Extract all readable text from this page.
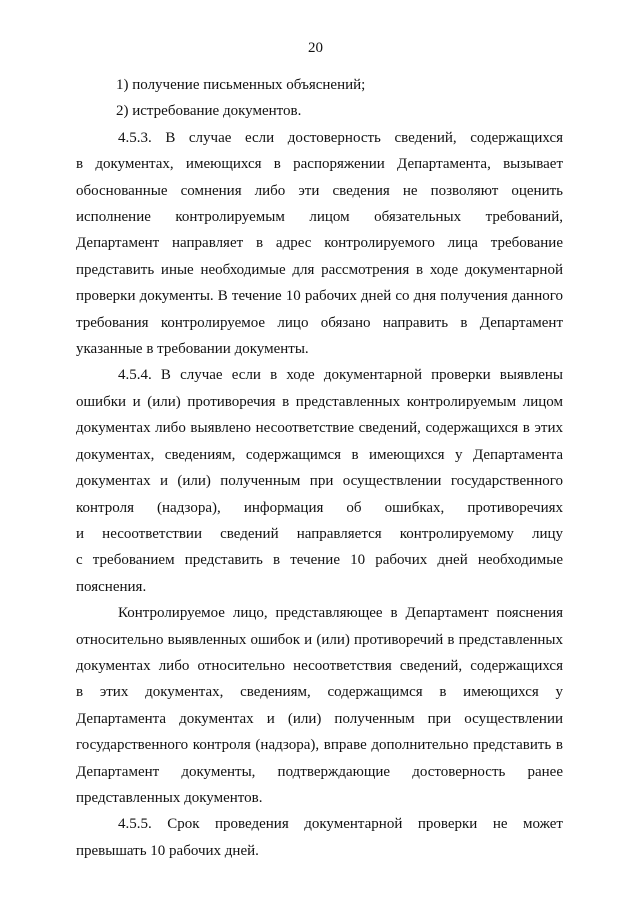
20
1) получение письменных объяснений;
2) истребование документов.
4.5.3. В случае если достоверность сведений, содержащихся
в документах, имеющихся в распоряжении Департамента, вызывает
обоснованные сомнения либо эти сведения не позволяют оценить
исполнение контролируемым лицом обязательных требований,
Департамент направляет в адрес контролируемого лица требование
представить иные необходимые для рассмотрения в ходе документарной
проверки документы. В течение 10 рабочих дней со дня получения данного
требования контролируемое лицо обязано направить в Департамент
указанные в требовании документы.
4.5.4. В случае если в ходе документарной проверки выявлены
ошибки и (или) противоречия в представленных контролируемым лицом
документах либо выявлено несоответствие сведений, содержащихся в этих
документах, сведениям, содержащимся в имеющихся у Департамента
документах и (или) полученным при осуществлении государственного
контроля (надзора), информация об ошибках, противоречиях
и несоответствии сведений направляется контролируемому лицу
с требованием представить в течение 10 рабочих дней необходимые
пояснения.
Контролируемое лицо, представляющее в Департамент пояснения
относительно выявленных ошибок и (или) противоречий в представленных
документах либо относительно несоответствия сведений, содержащихся
в этих документах, сведениям, содержащимся в имеющихся у
Департамента документах и (или) полученным при осуществлении
государственного контроля (надзора), вправе дополнительно представить в
Департамент документы, подтверждающие достоверность ранее
представленных документов.
4.5.5. Срок проведения документарной проверки не может
превышать 10 рабочих дней.
